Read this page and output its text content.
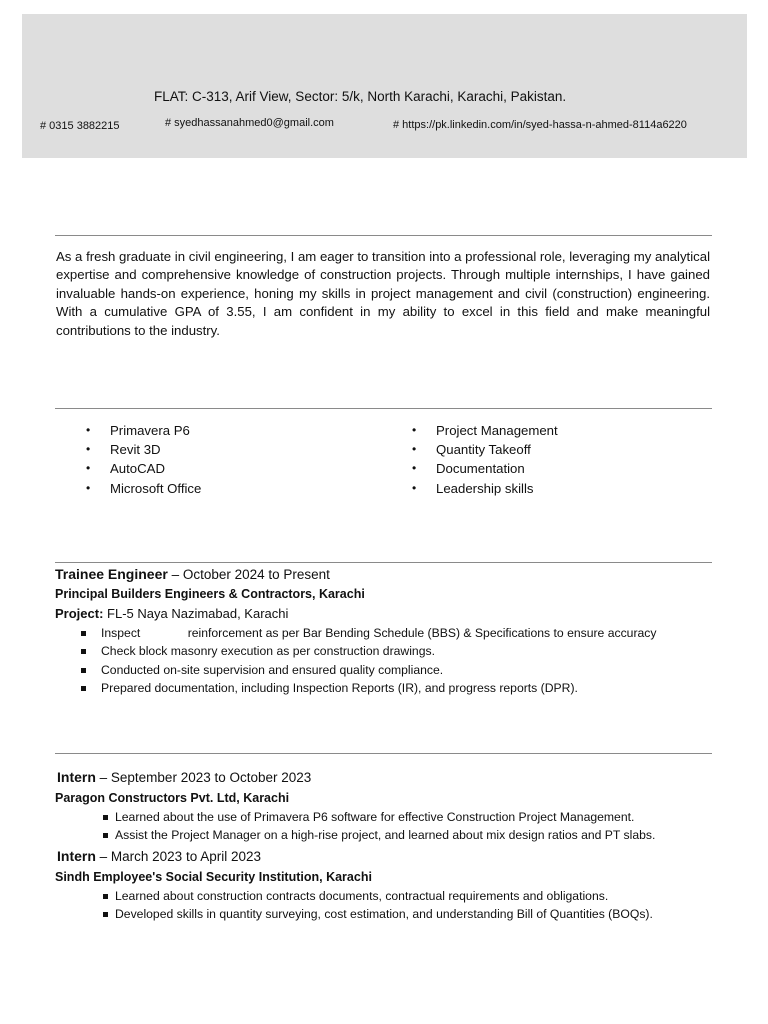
FLAT: C-313, Arif View, Sector: 5/k, North Karachi, Karachi, Pakistan.
# 0315 3882215	# syedhassanahmed0@gmail.com	# https://pk.linkedin.com/in/syed-hassa-n-ahmed-8114a6220

As a fresh graduate in civil engineering, I am eager to transition into a professional role, leveraging my analytical expertise and comprehensive knowledge of construction projects. Through multiple internships, I have gained invaluable hands-on experience, honing my skills in project management and civil (construction) engineering. With a cumulative GPA of 3.55, I am confident in my ability to excel in this field and make meaningful contributions to the industry.

• Primavera P6
• Revit 3D
• AutoCAD
• Microsoft Office
• Project Management
• Quantity Takeoff
• Documentation
• Leadership skills
Trainee Engineer – October 2024 to Present
Principal Builders Engineers & Contractors, Karachi
Project: FL-5 Naya Nazimabad, Karachi
Inspect              reinforcement as per Bar Bending Schedule (BBS) & Specifications to ensure accuracy
Check block masonry execution as per construction drawings.
Conducted on-site supervision and ensured quality compliance.
Prepared documentation, including Inspection Reports (IR), and progress reports (DPR).
Intern – September 2023 to October 2023
Paragon Constructors Pvt. Ltd, Karachi
Learned about the use of Primavera P6 software for effective Construction Project Management.
Assist the Project Manager on a high-rise project, and learned about mix design ratios and PT slabs.
Intern – March 2023 to April 2023
Sindh Employee's Social Security Institution, Karachi
Learned about construction contracts documents, contractual requirements and obligations.
Developed skills in quantity surveying, cost estimation, and understanding Bill of Quantities (BOQs).
